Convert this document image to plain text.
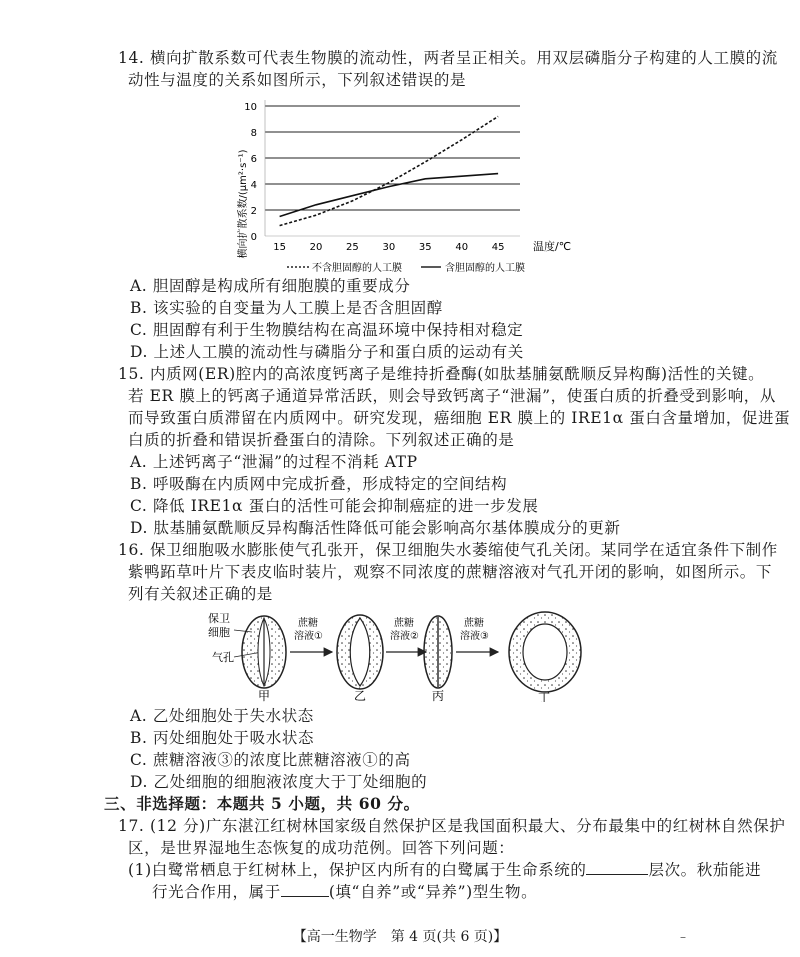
14. 横向扩散系数可代表生物膜的流动性，两者呈正相关。用双层磷脂分子构建的人工膜的流
动性与温度的关系如图所示，下列叙述错误的是
横向扩散系数/(μm²·s⁻¹) 0
2
4
6
8
10
15 20 25 30 35 40 45	温度/℃
不含胆固醇的人工膜	含胆固醇的人工膜
A. 胆固醇是构成所有细胞膜的重要成分
B. 该实验的自变量为人工膜上是否含胆固醇
C. 胆固醇有利于生物膜结构在高温环境中保持相对稳定
D. 上述人工膜的流动性与磷脂分子和蛋白质的运动有关
15. 内质网(ER)腔内的高浓度钙离子是维持折叠酶(如肽基脯氨酰顺反异构酶)活性的关键。
若 ER 膜上的钙离子通道异常活跃，则会导致钙离子“泄漏”，使蛋白质的折叠受到影响，从
而导致蛋白质滞留在内质网中。研究发现，癌细胞 ER 膜上的 IRE1α 蛋白含量增加，促进蛋
白质的折叠和错误折叠蛋白的清除。下列叙述正确的是
A. 上述钙离子“泄漏”的过程不消耗 ATP
B. 呼吸酶在内质网中完成折叠，形成特定的空间结构
C. 降低 IRE1α 蛋白的活性可能会抑制癌症的进一步发展
D. 肽基脯氨酰顺反异构酶活性降低可能会影响高尔基体膜成分的更新
16. 保卫细胞吸水膨胀使气孔张开，保卫细胞失水萎缩使气孔关闭。某同学在适宜条件下制作
紫鸭跖草叶片下表皮临时装片，观察不同浓度的蔗糖溶液对气孔开闭的影响，如图所示。下
列有关叙述正确的是
保卫
细胞
气孔
甲
蔗糖
溶液①
乙
蔗糖
溶液②
丙
蔗糖
溶液③
丁
A. 乙处细胞处于失水状态
B. 丙处细胞处于吸水状态
C. 蔗糖溶液③的浓度比蔗糖溶液①的高
D. 乙处细胞的细胞液浓度大于丁处细胞的
三、非选择题：本题共 5 小题，共 60 分。
17. (12 分)广东湛江红树林国家级自然保护区是我国面积最大、分布最集中的红树林自然保护
区，是世界湿地生态恢复的成功范例。回答下列问题：
(1)白鹭常栖息于红树林上，保护区内所有的白鹭属于生命系统的	层次。秋茄能进
行光合作用，属于	(填“自养”或“异养”)型生物。
【高一生物学　第 4 页(共 6 页)】	–
